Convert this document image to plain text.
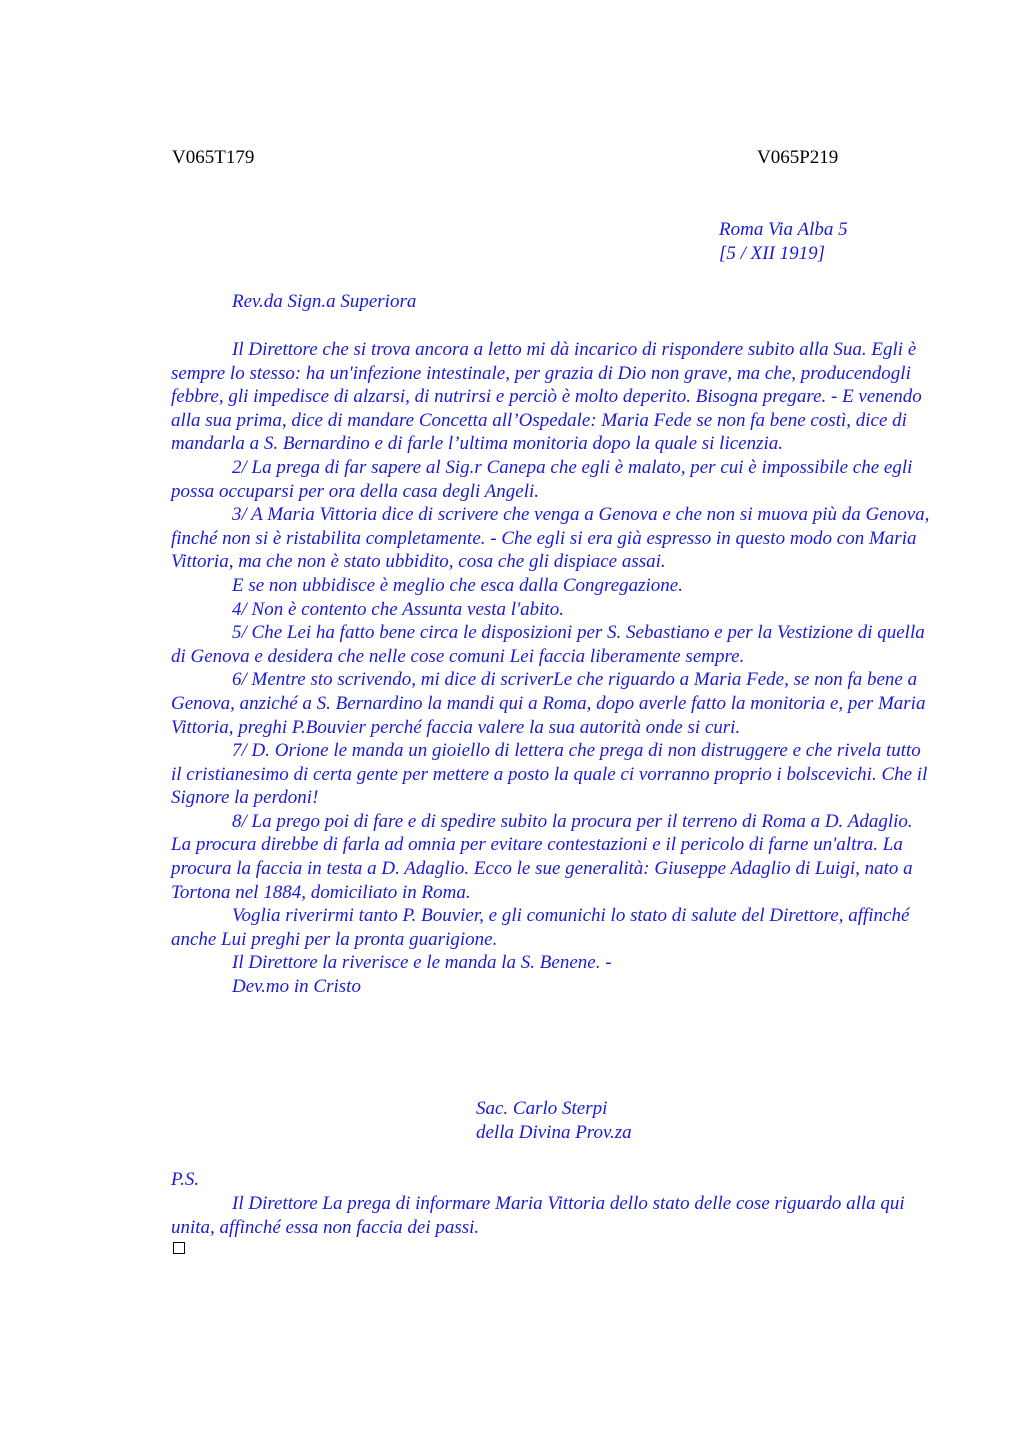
V065T179	V065P219
Roma Via Alba 5
[5 / XII 1919]
Rev.da Sign.a Superiora

Il Direttore che si trova ancora a letto mi dà incarico di rispondere subito alla Sua. Egli è sempre lo stesso: ha un'infezione intestinale, per grazia di Dio non grave, ma che, producendogli febbre, gli impedisce di alzarsi, di nutrirsi e perciò è molto deperito. Bisogna pregare. - E venendo alla sua prima, dice di mandare Concetta all’Ospedale: Maria Fede se non fa bene costì, dice di mandarla a S. Bernardino e di farle l’ultima monitoria dopo la quale si licenzia.

2/ La prega di far sapere al Sig.r Canepa che egli è malato, per cui è impossibile che egli possa occuparsi per ora della casa degli Angeli.

3/ A Maria Vittoria dice di scrivere che venga a Genova e che non si muova più da Genova, finché non si è ristabilita completamente. - Che egli si era già espresso in questo modo con Maria Vittoria, ma che non è stato ubbidito, cosa che gli dispiace assai.

E se non ubbidisce è meglio che esca dalla Congregazione.

4/ Non è contento che Assunta vesta l'abito.

5/ Che Lei ha fatto bene circa le disposizioni per S. Sebastiano e per la Vestizione di quella di Genova e desidera che nelle cose comuni Lei faccia liberamente sempre.

6/ Mentre sto scrivendo, mi dice di scriverLe che riguardo a Maria Fede, se non fa bene a Genova, anziché a S. Bernardino la mandi qui a Roma, dopo averle fatto la monitoria e, per Maria Vittoria, preghi P.Bouvier perché faccia valere la sua autorità onde si curi.

7/ D. Orione le manda un gioiello di lettera che prega di non distruggere e che rivela tutto il cristianesimo di certa gente per mettere a posto la quale ci vorranno proprio i bolscevichi. Che il Signore la perdoni!

8/ La prego poi di fare e di spedire subito la procura per il terreno di Roma a D. Adaglio. La procura direbbe di farla ad omnia per evitare contestazioni e il pericolo di farne un'altra. La procura la faccia in testa a D. Adaglio. Ecco le sue generalità: Giuseppe Adaglio di Luigi, nato a Tortona nel 1884, domiciliato in Roma.

Voglia riverirmi tanto P. Bouvier, e gli comunichi lo stato di salute del Direttore, affinché anche Lui preghi per la pronta guarigione.

Il Direttore la riverisce e le manda la S. Benene. -

Dev.mo in Cristo

Sac. Carlo Sterpi
della Divina Prov.za

P.S.

Il Direttore La prega di informare Maria Vittoria dello stato delle cose riguardo alla qui unita, affinché essa non faccia dei passi.
